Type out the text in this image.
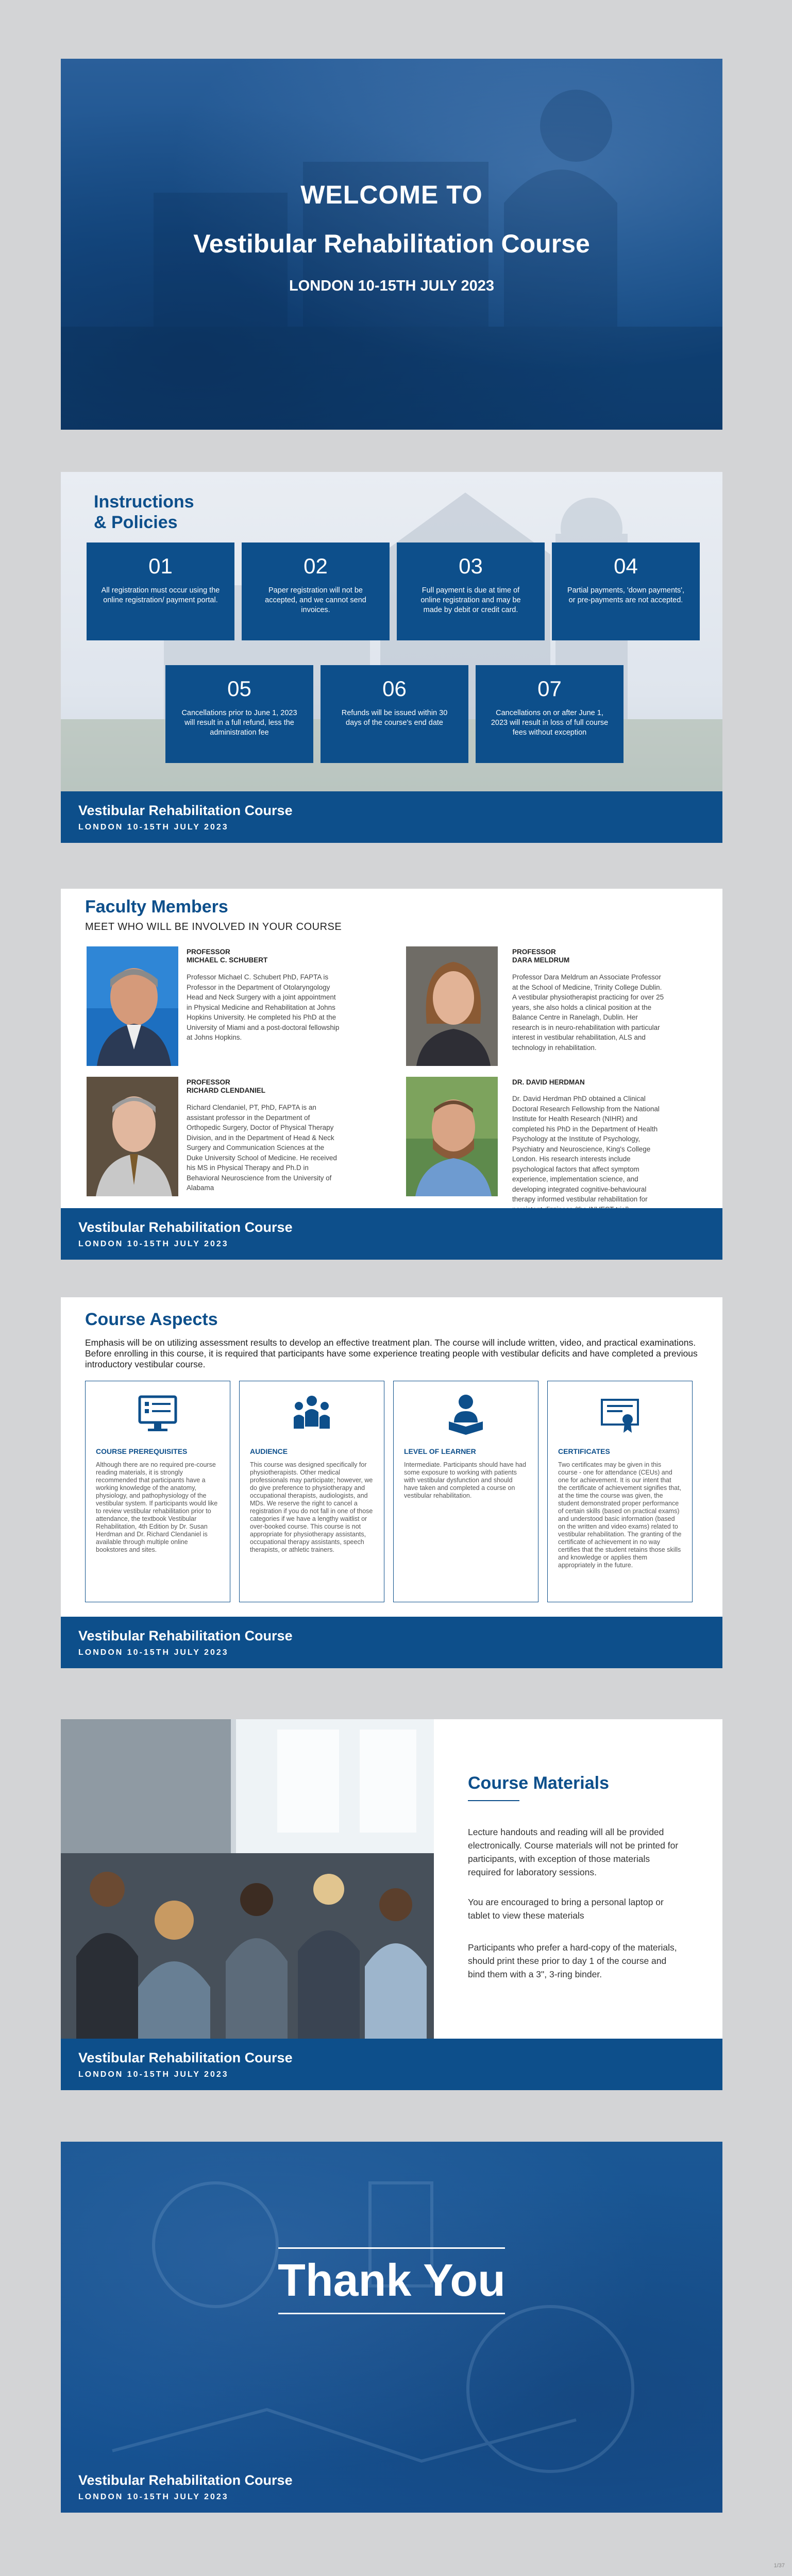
WELCOME TO
Vestibular Rehabilitation Course
LONDON 10-15TH JULY 2023
Instructions
& Policies
01
All registration must occur using the online registration/ payment portal.
02
Paper registration will not be accepted, and we cannot send invoices.
03
Full payment is due at time of online registration and may be made by debit or credit card.
04
Partial payments, 'down payments', or pre-payments are not accepted.
05
Cancellations prior to June 1, 2023 will result in a full refund, less the administration fee
06
Refunds will be issued within 30 days of the course's end date
07
Cancellations on or after June 1, 2023 will result in loss of full course fees without exception
Vestibular Rehabilitation Course
LONDON 10-15TH JULY 2023
Faculty Members
MEET WHO WILL BE INVOLVED IN YOUR COURSE
PROFESSOR
MICHAEL C. SCHUBERT
Professor Michael C. Schubert PhD, FAPTA is Professor in the Department of Otolaryngology Head and Neck Surgery with a joint appointment in Physical Medicine and Rehabilitation at Johns Hopkins University. He completed his PhD at the University of Miami and a post-doctoral fellowship at Johns Hopkins.
PROFESSOR
DARA MELDRUM
Professor Dara Meldrum an Associate Professor at the School of Medicine, Trinity College Dublin. A vestibular physiotherapist practicing for over 25 years, she also holds a clinical position at the Balance Centre in Ranelagh, Dublin. Her research is in neuro-rehabilitation with particular interest in vestibular rehabilitation, ALS and technology in rehabilitation.
PROFESSOR
RICHARD CLENDANIEL
Richard Clendaniel, PT, PhD, FAPTA is an assistant professor in the Department of Orthopedic Surgery, Doctor of Physical Therapy Division, and in the Department of Head & Neck Surgery and Communication Sciences at the Duke University School of Medicine. He received his MS in Physical Therapy and Ph.D in Behavioral Neuroscience from the University of Alabama
DR. DAVID HERDMAN
Dr. David Herdman PhD obtained a Clinical Doctoral Research Fellowship from the National Institute for Health Research (NIHR) and completed his PhD in the Department of Health Psychology at the Institute of Psychology, Psychiatry and Neuroscience, King's College London. His research interests include psychological factors that affect symptom experience, implementation science, and developing integrated cognitive-behavioural therapy informed vestibular rehabilitation for
Vestibular Rehabilitation Course
LONDON 10-15TH JULY 2023
Course Aspects
Emphasis will be on utilizing assessment results to develop an effective treatment plan. The course will include written, video, and practical examinations. Before enrolling in this course, it is required that participants have some experience treating people with vestibular deficits and have completed a previous introductory vestibular course.
COURSE PREREQUISITES
Although there are no required pre-course reading materials, it is strongly recommended that participants have a working knowledge of the anatomy, physiology, and pathophysiology of the vestibular system. If participants would like to review vestibular rehabilitation prior to attendance, the textbook Vestibular Rehabilitation, 4th Edition by Dr. Susan Herdman and Dr. Richard Clendaniel is available through multiple online bookstores and sites.
AUDIENCE
This course was designed specifically for physiotherapists. Other medical professionals may participate; however, we do give preference to physiotherapy and occupational therapists, audiologists, and MDs. We reserve the right to cancel a registration if you do not fall in one of those categories if we have a lengthy waitlist or over-booked course. This course is not appropriate for physiotherapy assistants, occupational therapy assistants, speech therapists, or athletic trainers.
LEVEL OF LEARNER
Intermediate. Participants should have had some exposure to working with patients with vestibular dysfunction and should have taken and completed a course on vestibular rehabilitation.
CERTIFICATES
Two certificates may be given in this course - one for attendance (CEUs) and one for achievement. It is our intent that the certificate of achievement signifies that, at the time the course was given, the student demonstrated proper performance of certain skills (based on practical exams) and understood basic information (based on the written and video exams) related to vestibular rehabilitation. The granting of the certificate of achievement in no way certifies that the student retains those skills and knowledge or applies them appropriately in the future.
Vestibular Rehabilitation Course
LONDON 10-15TH JULY 2023
Course Materials
Lecture handouts and reading will all be provided electronically. Course materials will not be printed for participants, with exception of those materials required for laboratory sessions.
You are encouraged to bring a personal laptop or tablet to view these materials
Participants who prefer a hard-copy of the materials, should print these prior to day 1 of the course and bind them with a 3", 3-ring binder.
Vestibular Rehabilitation Course
LONDON 10-15TH JULY 2023
Thank You
Vestibular Rehabilitation Course
LONDON 10-15TH JULY 2023
1/37
